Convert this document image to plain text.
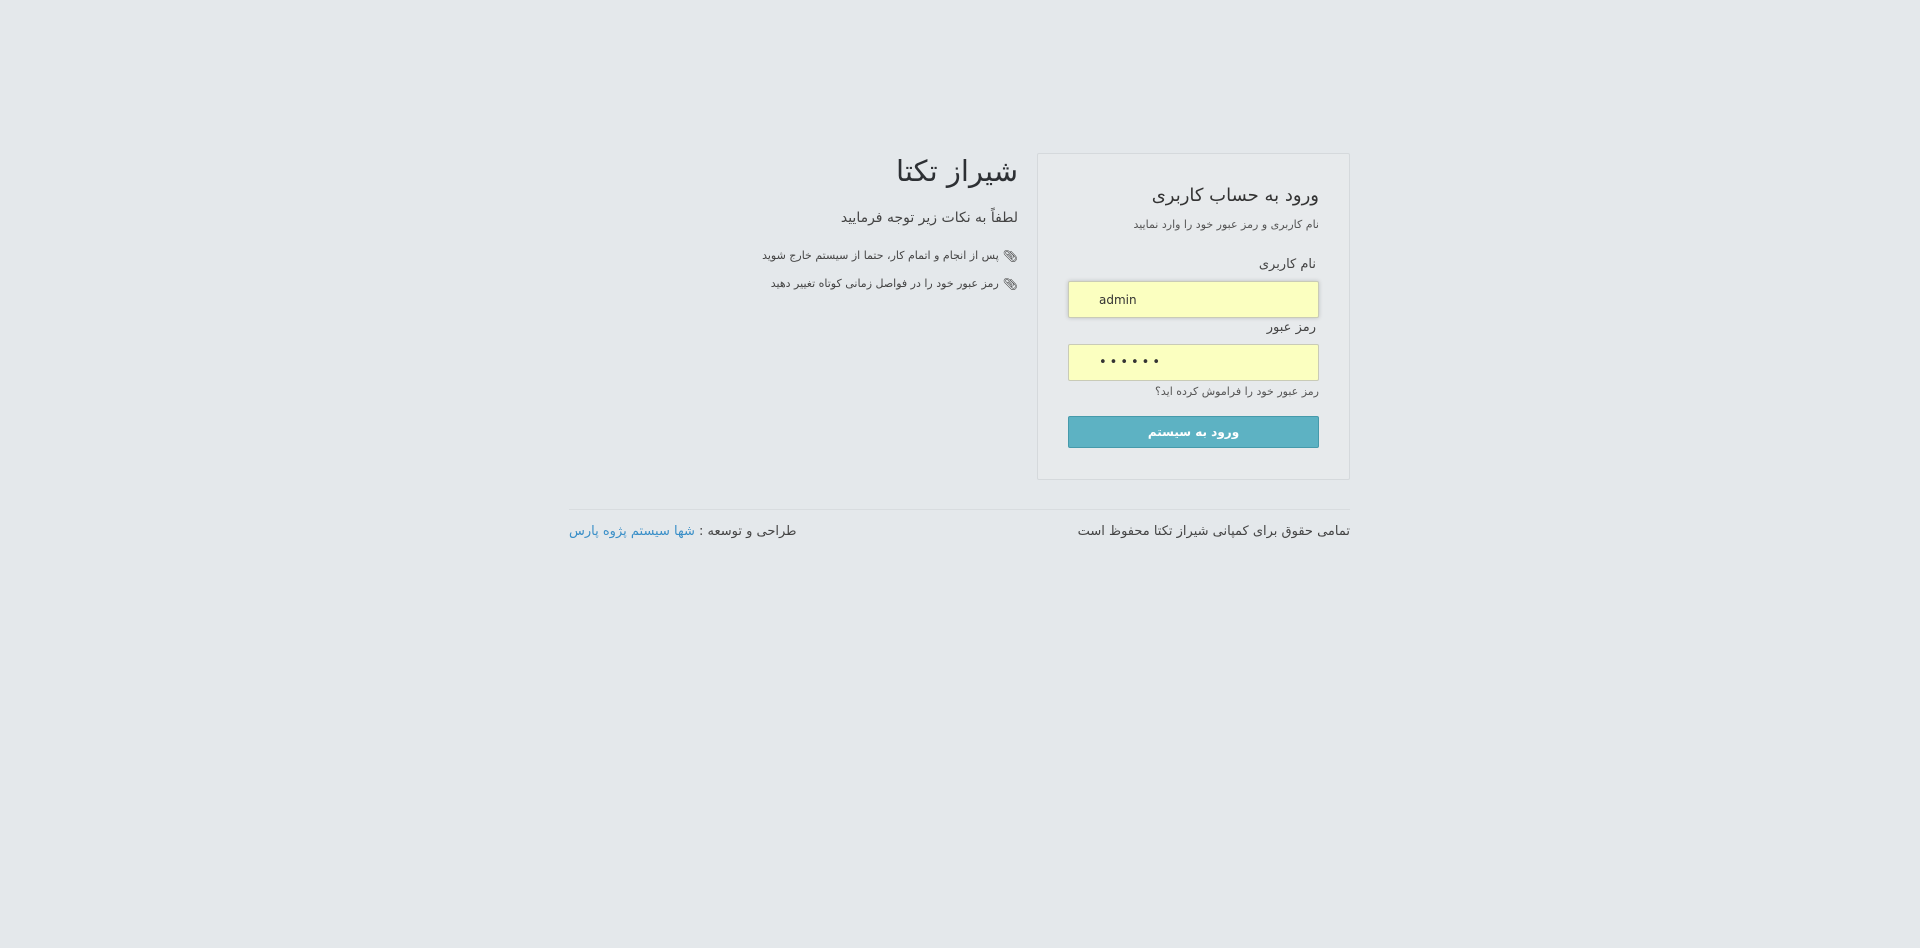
ورود به حساب کاربری

نام کاربری و رمز عبور خود را وارد نمایید

نام کاربری
admin
رمز عبور
••••••
رمز عبور خود را فراموش کرده اید؟
ورود به سیستم
شیراز تکتا

لطفاً به نکات زیر توجه فرمایید

📎︎
پس از انجام و اتمام کار، حتما از سیستم خارج شوید
📎︎
رمز عبور خود را در فواصل زمانی کوتاه تغییر دهید

تمامی حقوق برای کمپانی شیراز تکتا محفوظ است

طراحی و توسعه : شها سیستم پژوه پارس
